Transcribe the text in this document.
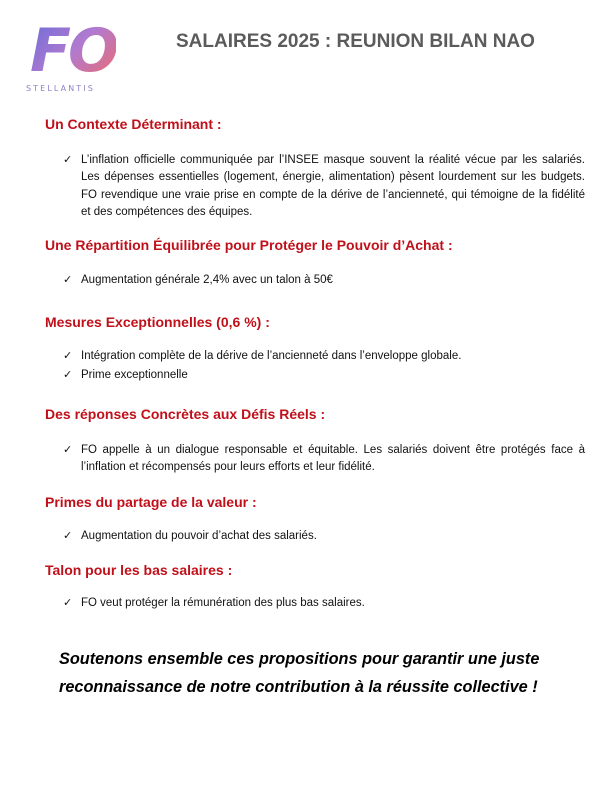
FO
STELLANTIS
SALAIRES 2025 : REUNION BILAN NAO
Un Contexte Déterminant :
✓ L’inflation officielle communiquée par l’INSEE masque souvent la réalité vécue par les salariés. Les dépenses essentielles (logement, énergie, alimentation) pèsent lourdement sur les budgets. FO revendique une vraie prise en compte de la dérive de l’ancienneté, qui témoigne de la fidélité et des compétences des équipes.
Une Répartition Équilibrée pour Protéger le Pouvoir d’Achat :
✓ Augmentation générale 2,4% avec un talon à 50€
Mesures Exceptionnelles (0,6 %) :
✓ Intégration complète de la dérive de l’ancienneté dans l’enveloppe globale.
✓ Prime exceptionnelle
Des réponses Concrètes aux Défis Réels :
✓ FO appelle à un dialogue responsable et équitable. Les salariés doivent être protégés face à l’inflation et récompensés pour leurs efforts et leur fidélité.
Primes du partage de la valeur :
✓ Augmentation du pouvoir d’achat des salariés.
Talon pour les bas salaires :
✓ FO veut protéger la rémunération des plus bas salaires.
Soutenons ensemble ces propositions pour garantir une juste
reconnaissance de notre contribution à la réussite collective !
